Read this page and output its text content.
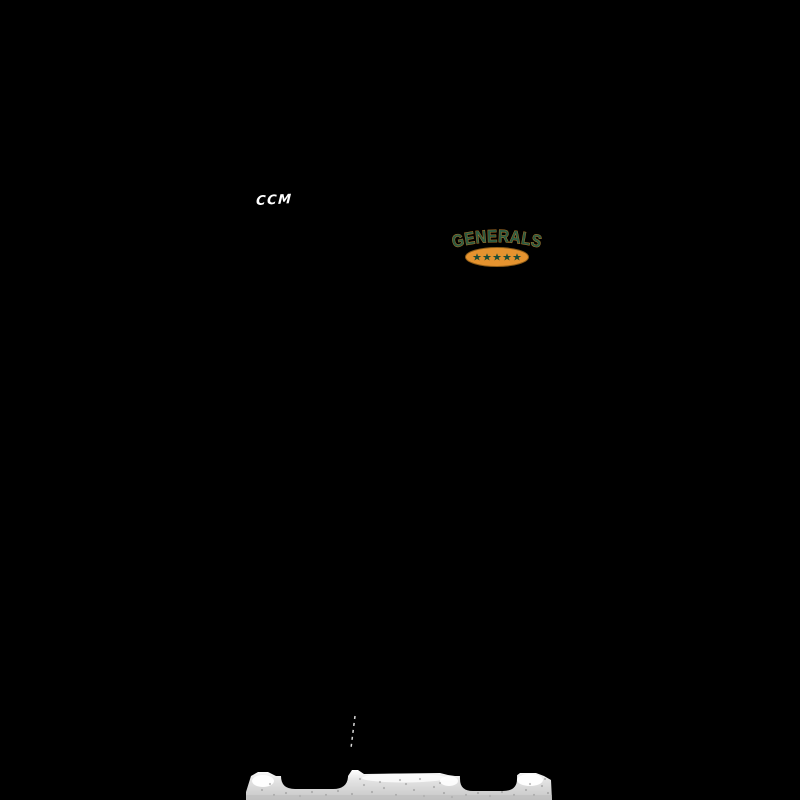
CCM
★★★★★
GENERALS
